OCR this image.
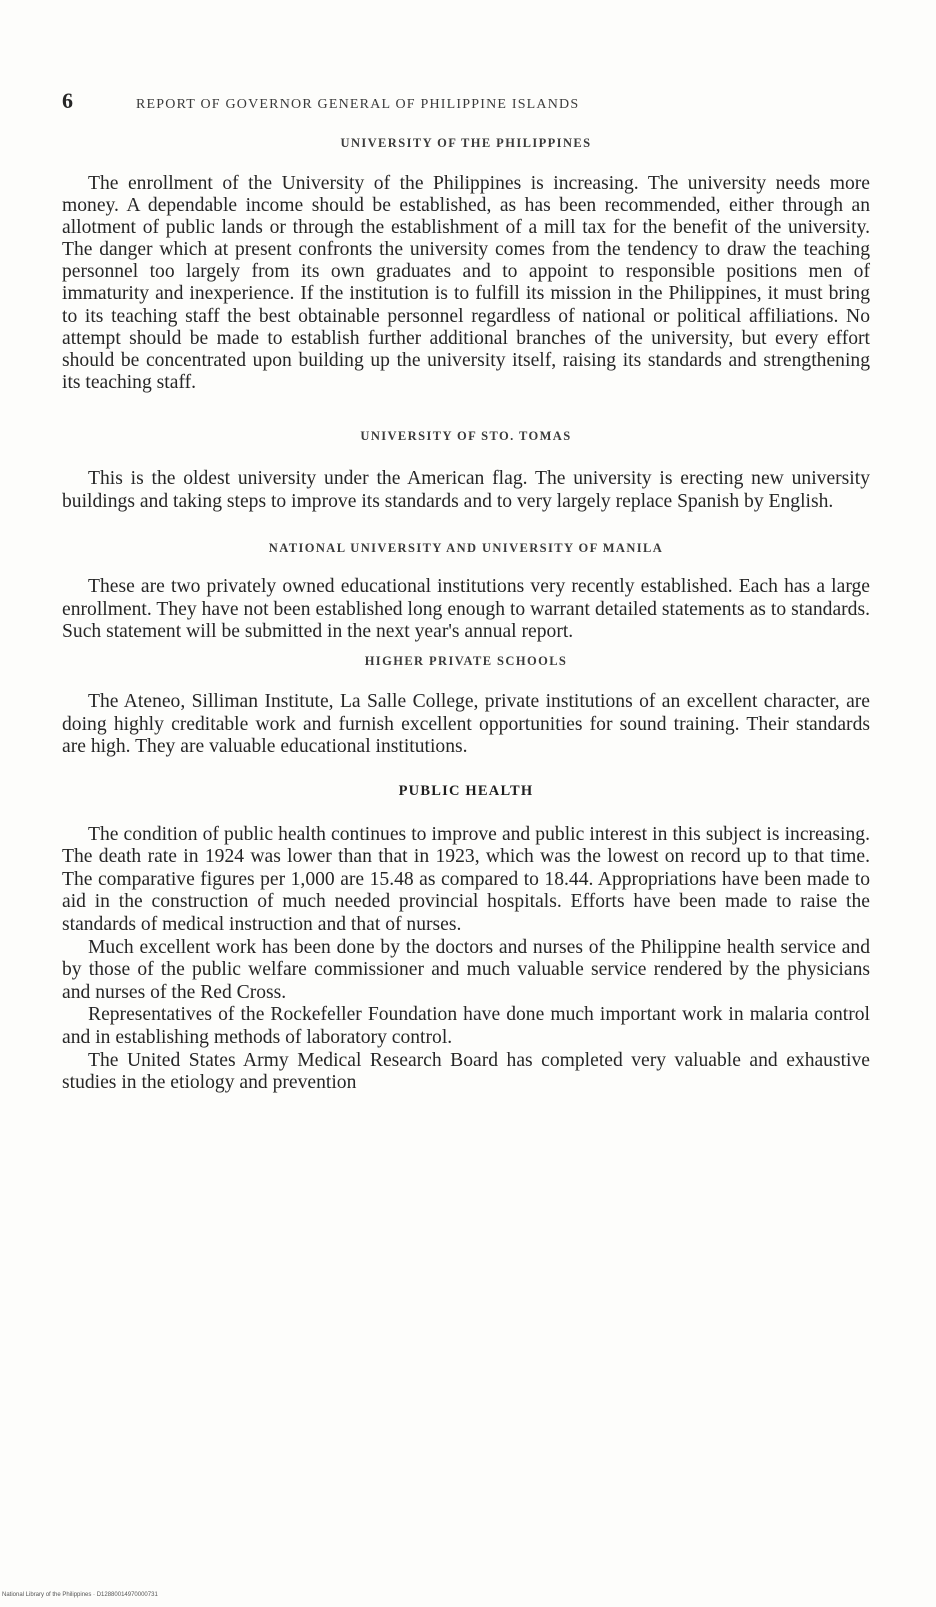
6	REPORT OF GOVERNOR GENERAL OF PHILIPPINE ISLANDS
UNIVERSITY OF THE PHILIPPINES

The enrollment of the University of the Philippines is increasing. The university needs more money. A dependable income should be established, as has been recommended, either through an allotment of public lands or through the establishment of a mill tax for the benefit of the university. The danger which at present confronts the university comes from the tendency to draw the teaching personnel too largely from its own graduates and to appoint to responsible positions men of immaturity and inexperience. If the institution is to fulfill its mission in the Philippines, it must bring to its teaching staff the best obtainable personnel regardless of national or political affiliations. No attempt should be made to establish further additional branches of the university, but every effort should be concentrated upon building up the university itself, raising its standards and strengthening its teaching staff.

UNIVERSITY OF STO. TOMAS

This is the oldest university under the American flag. The university is erecting new university buildings and taking steps to improve its standards and to very largely replace Spanish by English.

NATIONAL UNIVERSITY AND UNIVERSITY OF MANILA

These are two privately owned educational institutions very recently established. Each has a large enrollment. They have not been established long enough to warrant detailed statements as to standards. Such statement will be submitted in the next year's annual report.

HIGHER PRIVATE SCHOOLS

The Ateneo, Silliman Institute, La Salle College, private institutions of an excellent character, are doing highly creditable work and furnish excellent opportunities for sound training. Their standards are high. They are valuable educational institutions.

PUBLIC HEALTH

The condition of public health continues to improve and public interest in this subject is increasing. The death rate in 1924 was lower than that in 1923, which was the lowest on record up to that time. The comparative figures per 1,000 are 15.48 as compared to 18.44. Appropriations have been made to aid in the construction of much needed provincial hospitals. Efforts have been made to raise the standards of medical instruction and that of nurses.

Much excellent work has been done by the doctors and nurses of the Philippine health service and by those of the public welfare commissioner and much valuable service rendered by the physicians and nurses of the Red Cross.

Representatives of the Rockefeller Foundation have done much important work in malaria control and in establishing methods of laboratory control.

The United States Army Medical Research Board has completed very valuable and exhaustive studies in the etiology and prevention

National Library of the Philippines · D12880014970000731
